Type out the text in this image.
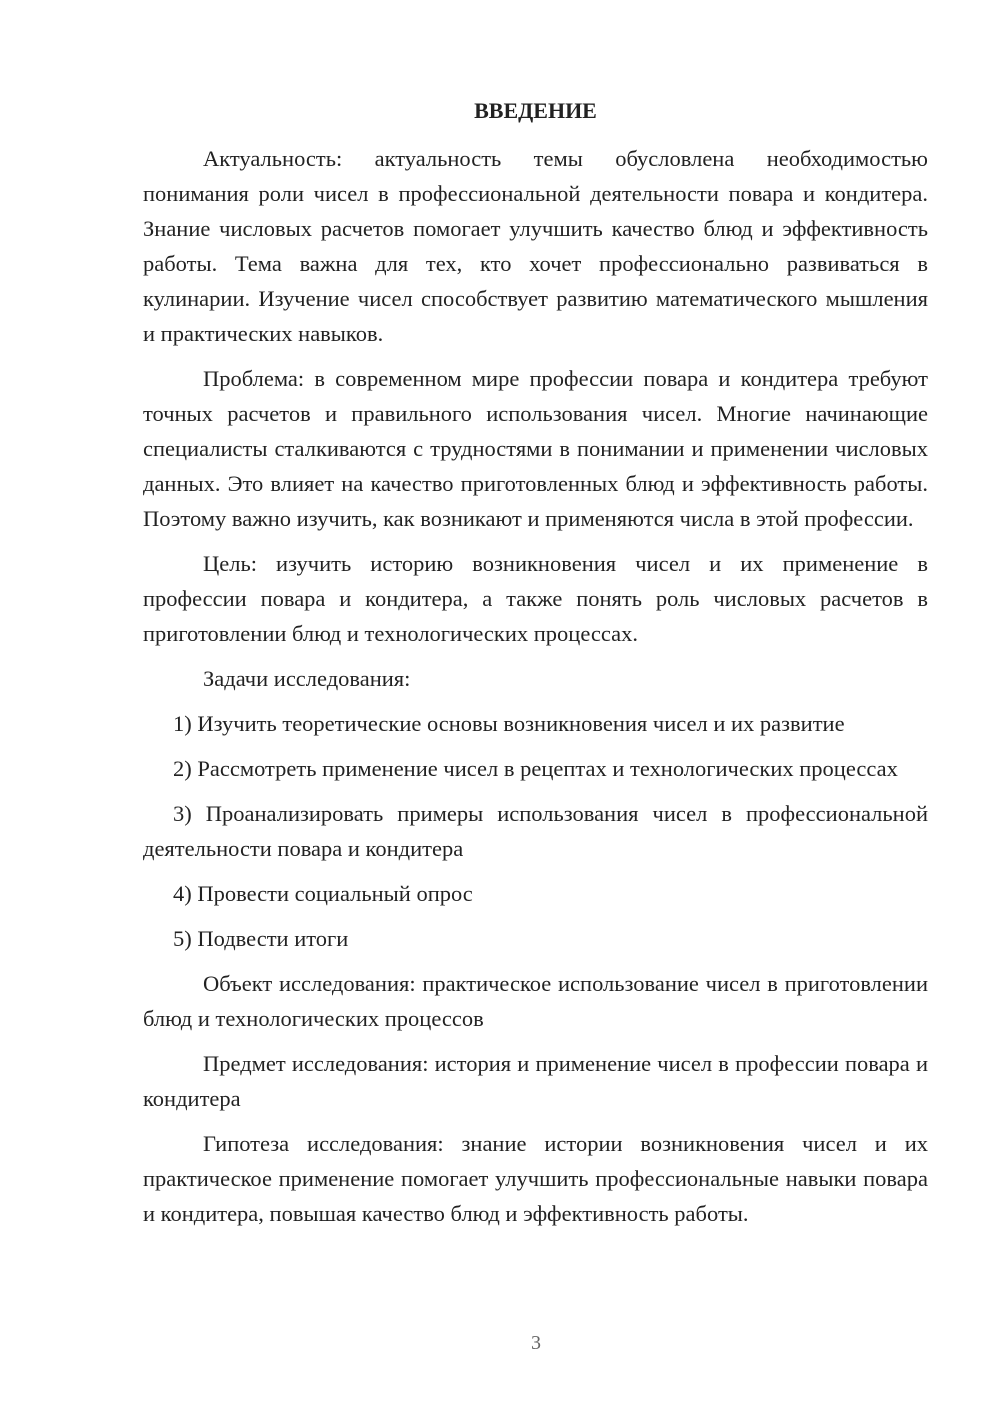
ВВЕДЕНИЕ

Актуальность: актуальность темы обусловлена необходимостью понимания роли чисел в профессиональной деятельности повара и кондитера. Знание числовых расчетов помогает улучшить качество блюд и эффективность работы. Тема важна для тех, кто хочет профессионально развиваться в кулинарии. Изучение чисел способствует развитию математического мышления и практических навыков.

Проблема: в современном мире профессии повара и кондитера требуют точных расчетов и правильного использования чисел. Многие начинающие специалисты сталкиваются с трудностями в понимании и применении числовых данных. Это влияет на качество приготовленных блюд и эффективность работы. Поэтому важно изучить, как возникают и применяются числа в этой профессии.

Цель: изучить историю возникновения чисел и их применение в профессии повара и кондитера, а также понять роль числовых расчетов в приготовлении блюд и технологических процессах.

Задачи исследования:

1) Изучить теоретические основы возникновения чисел и их развитие

2) Рассмотреть применение чисел в рецептах и технологических процессах

3) Проанализировать примеры использования чисел в профессиональной деятельности повара и кондитера

4) Провести социальный опрос

5) Подвести итоги

Объект исследования: практическое использование чисел в приготовлении блюд и технологических процессов

Предмет исследования: история и применение чисел в профессии повара и кондитера

Гипотеза исследования: знание истории возникновения чисел и их практическое применение помогает улучшить профессиональные навыки повара и кондитера, повышая качество блюд и эффективность работы.

3
